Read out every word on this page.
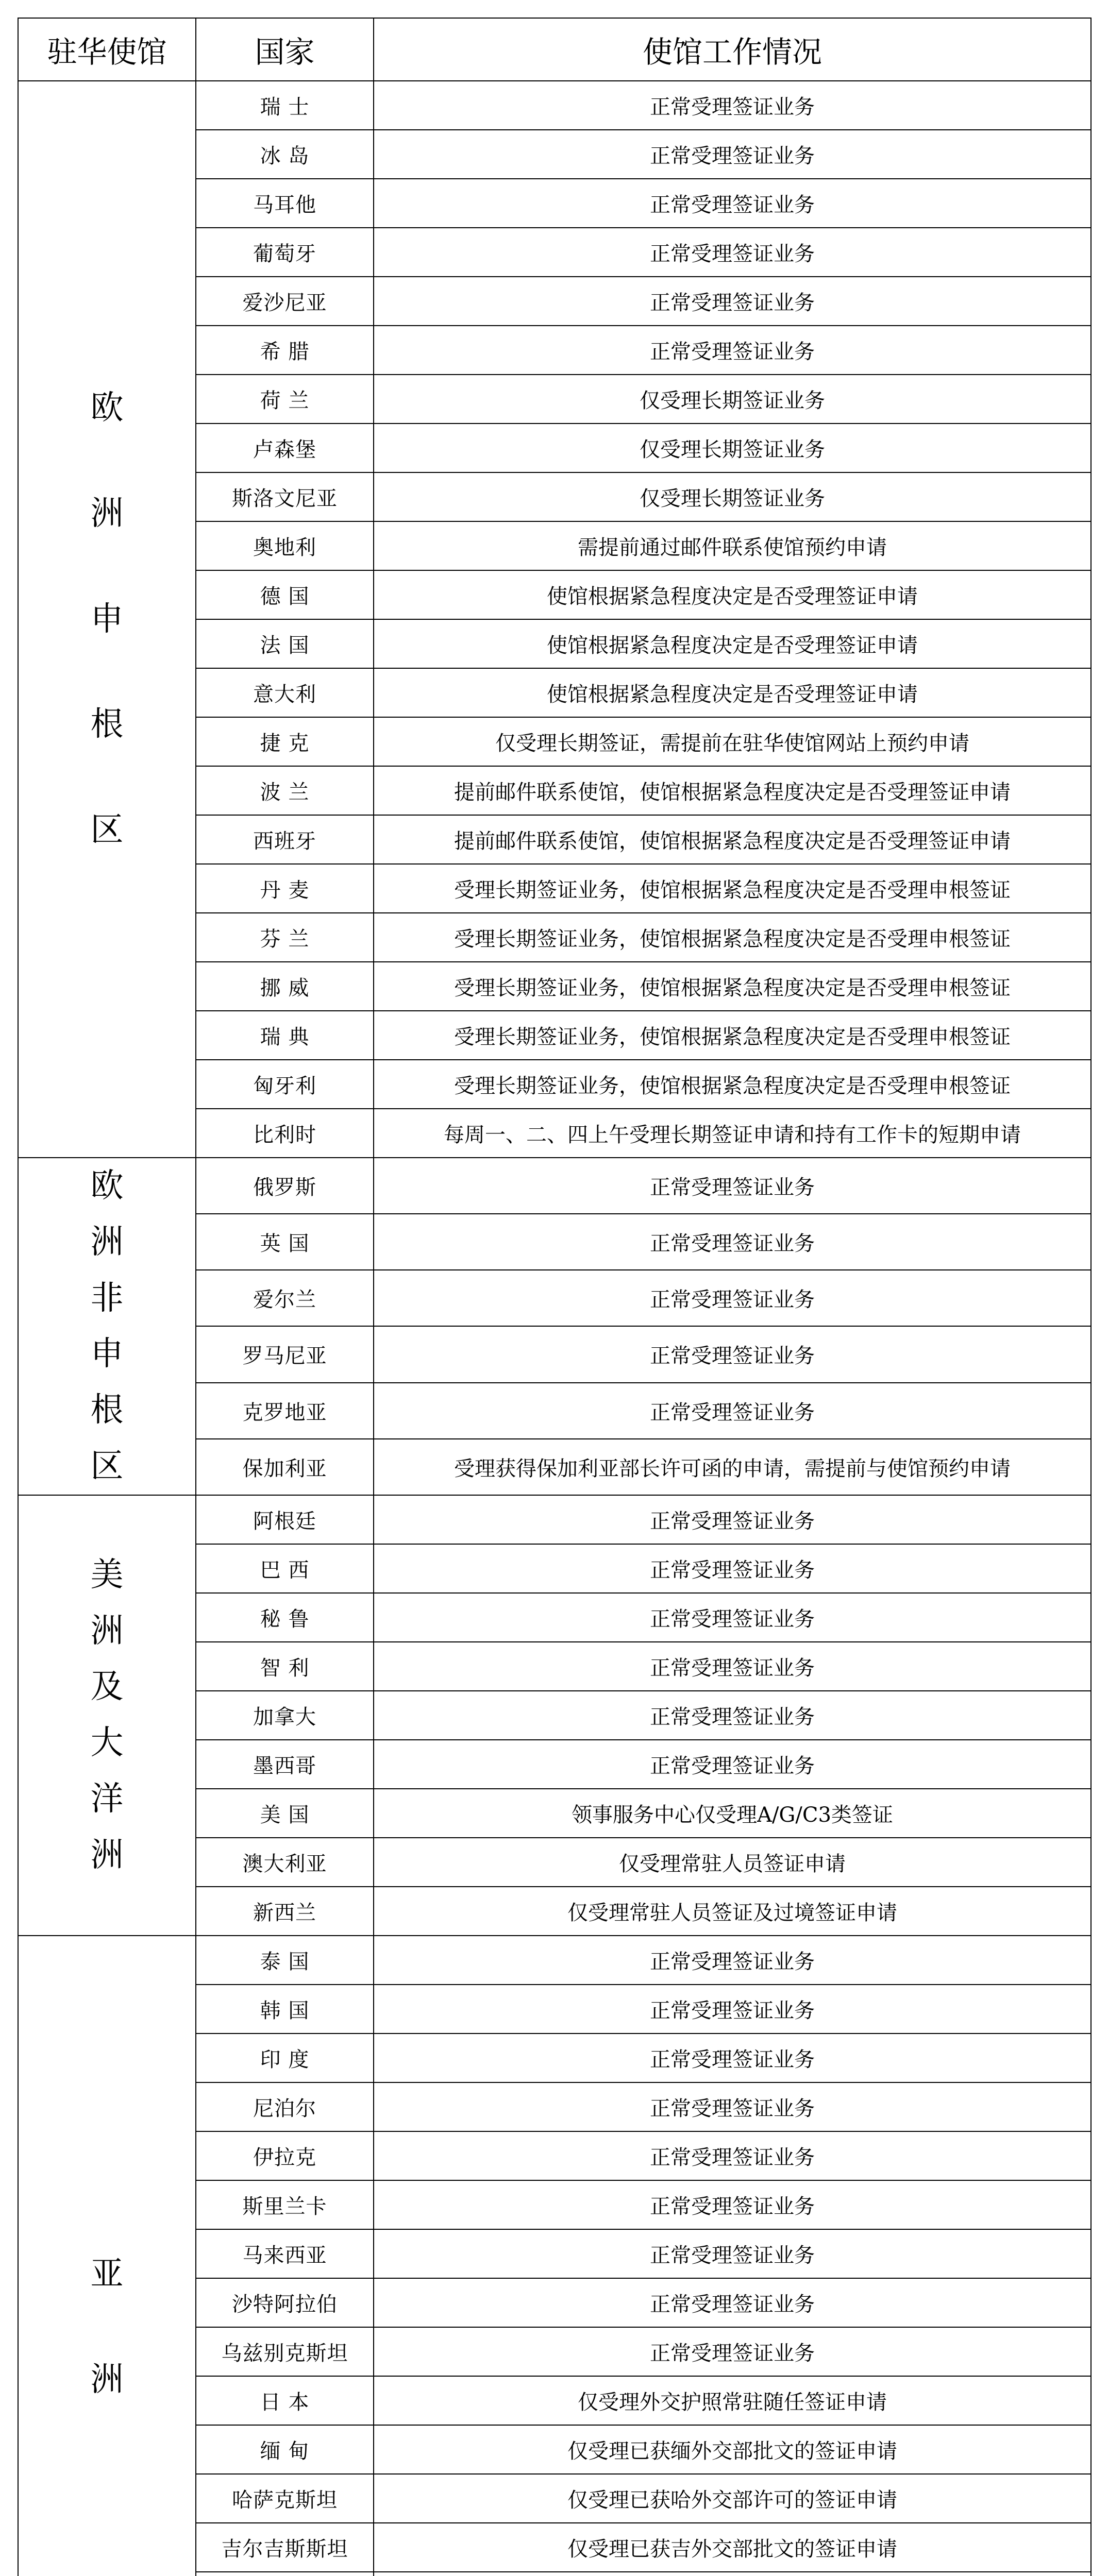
驻华使馆	国家	使馆工作情况
欧洲申根区	瑞 士	正常受理签证业务
	冰 岛	正常受理签证业务
	马耳他	正常受理签证业务
	葡萄牙	正常受理签证业务
	爱沙尼亚	正常受理签证业务
	希 腊	正常受理签证业务
	荷 兰	仅受理长期签证业务
	卢森堡	仅受理长期签证业务
	斯洛文尼亚	仅受理长期签证业务
	奥地利	需提前通过邮件联系使馆预约申请
	德 国	使馆根据紧急程度决定是否受理签证申请
	法 国	使馆根据紧急程度决定是否受理签证申请
	意大利	使馆根据紧急程度决定是否受理签证申请
	捷 克	仅受理长期签证，需提前在驻华使馆网站上预约申请
	波 兰	提前邮件联系使馆，使馆根据紧急程度决定是否受理签证申请
	西班牙	提前邮件联系使馆，使馆根据紧急程度决定是否受理签证申请
	丹 麦	受理长期签证业务，使馆根据紧急程度决定是否受理申根签证
	芬 兰	受理长期签证业务，使馆根据紧急程度决定是否受理申根签证
	挪 威	受理长期签证业务，使馆根据紧急程度决定是否受理申根签证
	瑞 典	受理长期签证业务，使馆根据紧急程度决定是否受理申根签证
	匈牙利	受理长期签证业务，使馆根据紧急程度决定是否受理申根签证
	比利时	每周一、二、四上午受理长期签证申请和持有工作卡的短期申请
欧洲非申根区	俄罗斯	正常受理签证业务
	英 国	正常受理签证业务
	爱尔兰	正常受理签证业务
	罗马尼亚	正常受理签证业务
	克罗地亚	正常受理签证业务
	保加利亚	受理获得保加利亚部长许可函的申请，需提前与使馆预约申请
美洲及大洋洲	阿根廷	正常受理签证业务
	巴 西	正常受理签证业务
	秘 鲁	正常受理签证业务
	智 利	正常受理签证业务
	加拿大	正常受理签证业务
	墨西哥	正常受理签证业务
	美 国	领事服务中心仅受理A/G/C3类签证
	澳大利亚	仅受理常驻人员签证申请
	新西兰	仅受理常驻人员签证及过境签证申请
亚洲	泰 国	正常受理签证业务
	韩 国	正常受理签证业务
	印 度	正常受理签证业务
	尼泊尔	正常受理签证业务
	伊拉克	正常受理签证业务
	斯里兰卡	正常受理签证业务
	马来西亚	正常受理签证业务
	沙特阿拉伯	正常受理签证业务
	乌兹别克斯坦	正常受理签证业务
	日 本	仅受理外交护照常驻随任签证申请
	缅 甸	仅受理已获缅外交部批文的签证申请
	哈萨克斯坦	仅受理已获哈外交部许可的签证申请
	吉尔吉斯斯坦	仅受理已获吉外交部批文的签证申请
